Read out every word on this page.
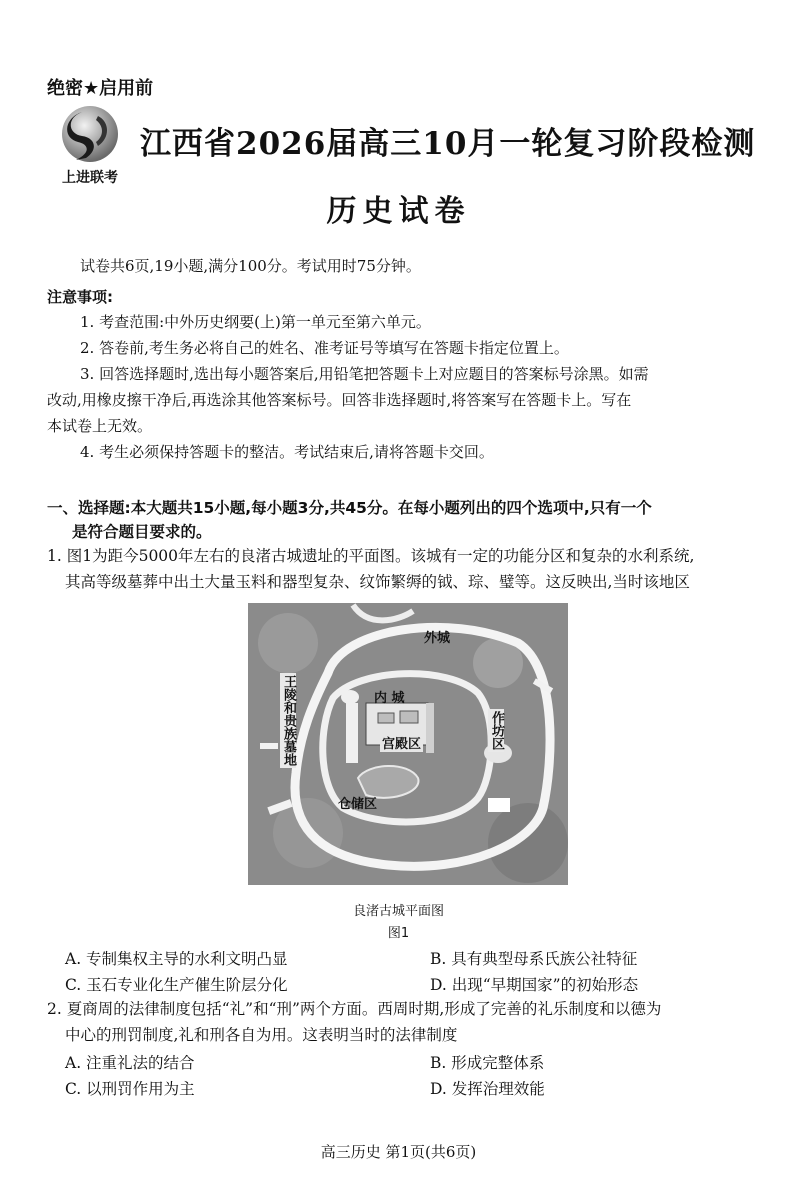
绝密★启用前
上进联考
江西省2026届高三10月一轮复习阶段检测
历史试卷
试卷共6页,19小题,满分100分。考试用时75分钟。
注意事项:
1. 考查范围:中外历史纲要(上)第一单元至第六单元。
2. 答卷前,考生务必将自己的姓名、准考证号等填写在答题卡指定位置上。
3. 回答选择题时,选出每小题答案后,用铅笔把答题卡上对应题目的答案标号涂黑。如需
改动,用橡皮擦干净后,再选涂其他答案标号。回答非选择题时,将答案写在答题卡上。写在
本试卷上无效。
4. 考生必须保持答题卡的整洁。考试结束后,请将答题卡交回。
一、选择题:本大题共15小题,每小题3分,共45分。在每小题列出的四个选项中,只有一个
是符合题目要求的。
1. 图1为距今5000年左右的良渚古城遗址的平面图。该城有一定的功能分区和复杂的水利系统,
其高等级墓葬中出土大量玉料和器型复杂、纹饰繁缛的钺、琮、璧等。这反映出,当时该地区
外城
内 城
宫殿区
王陵和贵族墓地	作坊区
仓储区
良渚古城平面图
图1
A. 专制集权主导的水利文明凸显	B. 具有典型母系氏族公社特征
C. 玉石专业化生产催生阶层分化	D. 出现“早期国家”的初始形态
2. 夏商周的法律制度包括“礼”和“刑”两个方面。西周时期,形成了完善的礼乐制度和以德为
中心的刑罚制度,礼和刑各自为用。这表明当时的法律制度
A. 注重礼法的结合	B. 形成完整体系
C. 以刑罚作用为主	D. 发挥治理效能
高三历史 第1页(共6页)
